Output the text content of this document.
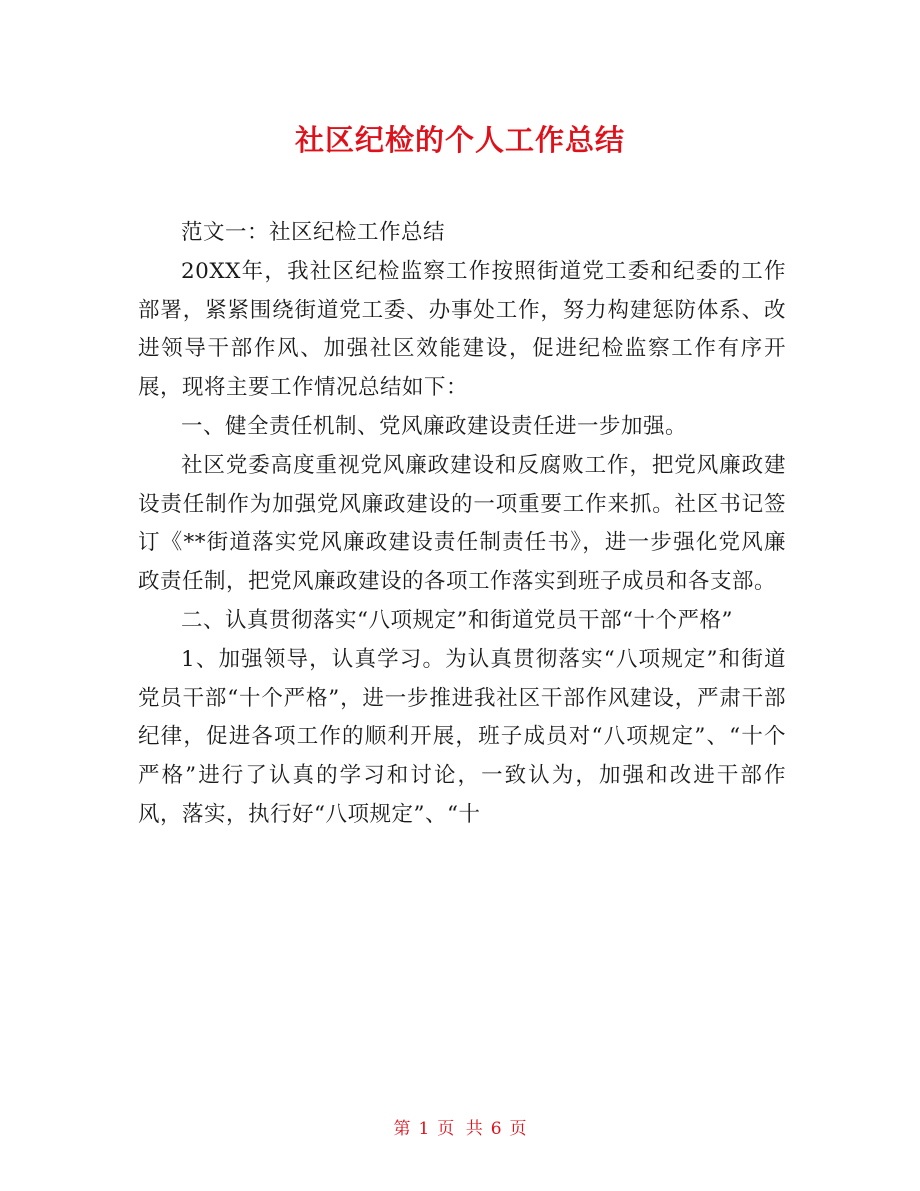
社区纪检的个人工作总结

范文一：社区纪检工作总结

20XX年，我社区纪检监察工作按照街道党工委和纪委的工作部署，紧紧围绕街道党工委、办事处工作，努力构建惩防体系、改进领导干部作风、加强社区效能建设，促进纪检监察工作有序开展，现将主要工作情况总结如下：

一、健全责任机制、党风廉政建设责任进一步加强。

社区党委高度重视党风廉政建设和反腐败工作，把党风廉政建设责任制作为加强党风廉政建设的一项重要工作来抓。社区书记签订《**街道落实党风廉政建设责任制责任书》，进一步强化党风廉政责任制，把党风廉政建设的各项工作落实到班子成员和各支部。

二、认真贯彻落实“八项规定”和街道党员干部“十个严格”

1、加强领导，认真学习。为认真贯彻落实“八项规定”和街道党员干部“十个严格”，进一步推进我社区干部作风建设，严肃干部纪律，促进各项工作的顺利开展，班子成员对“八项规定”、“十个严格”进行了认真的学习和讨论，一致认为，加强和改进干部作风，落实，执行好“八项规定”、“十

第 1 页 共 6 页
